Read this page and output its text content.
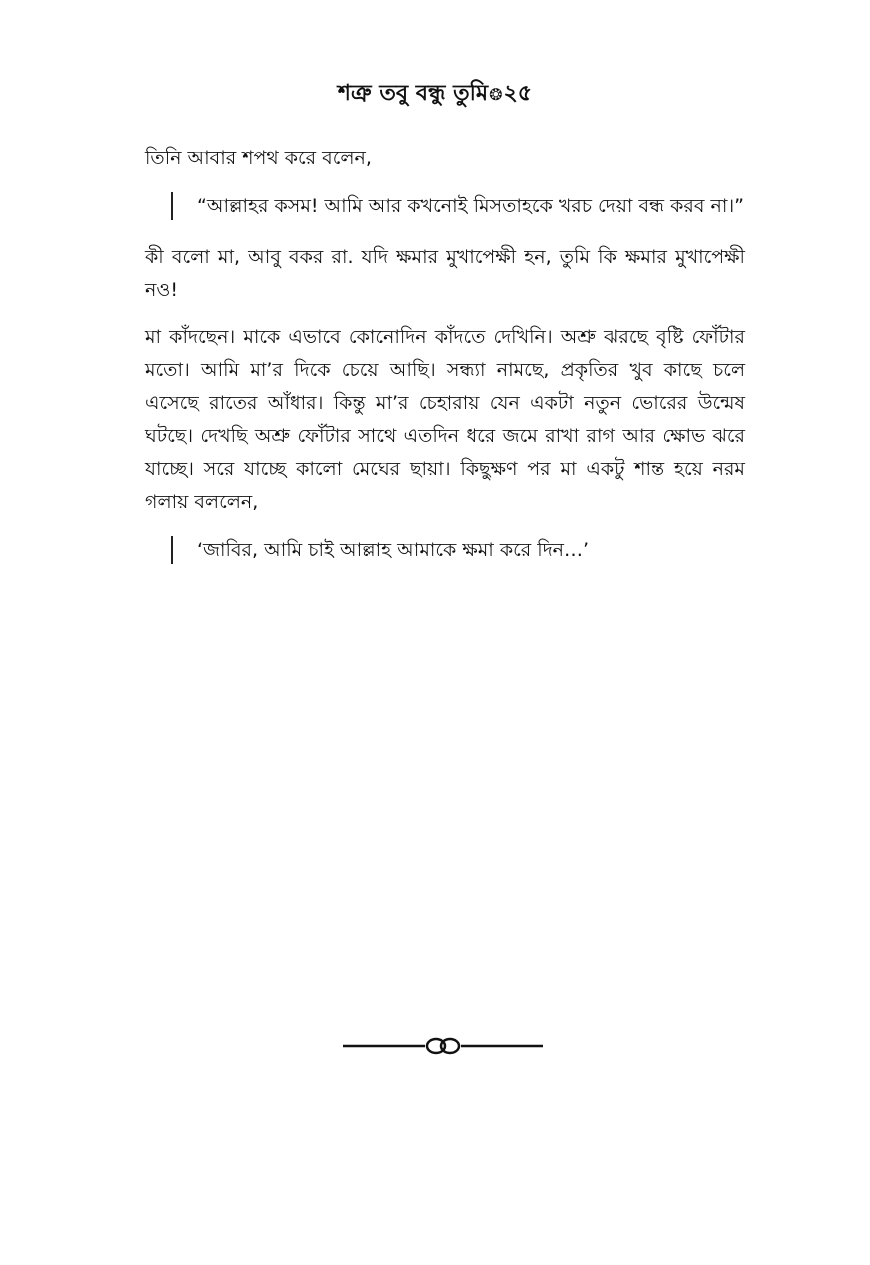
শত্রু তবু বন্ধু তুমি❂২৫

তিনি আবার শপথ করে বলেন,

“আল্লাহর কসম! আমি আর কখনোই মিসতাহকে খরচ দেয়া বন্ধ করব না।”

কী বলো মা, আবু বকর রা. যদি ক্ষমার মুখাপেক্ষী হন, তুমি কি ক্ষমার মুখাপেক্ষী নও!

মা কাঁদছেন। মাকে এভাবে কোনোদিন কাঁদতে দেখিনি। অশ্রু ঝরছে বৃষ্টি ফোঁটার মতো। আমি মা’র দিকে চেয়ে আছি। সন্ধ্যা নামছে, প্রকৃতির খুব কাছে চলে এসেছে রাতের আঁধার। কিন্তু মা’র চেহারায় যেন একটা নতুন ভোরের উন্মেষ ঘটছে। দেখছি অশ্রু ফোঁটার সাথে এতদিন ধরে জমে রাখা রাগ আর ক্ষোভ ঝরে যাচ্ছে। সরে যাচ্ছে কালো মেঘের ছায়া। কিছুক্ষণ পর মা একটু শান্ত হয়ে নরম গলায় বললেন,

‘জাবির, আমি চাই আল্লাহ আমাকে ক্ষমা করে দিন…’
